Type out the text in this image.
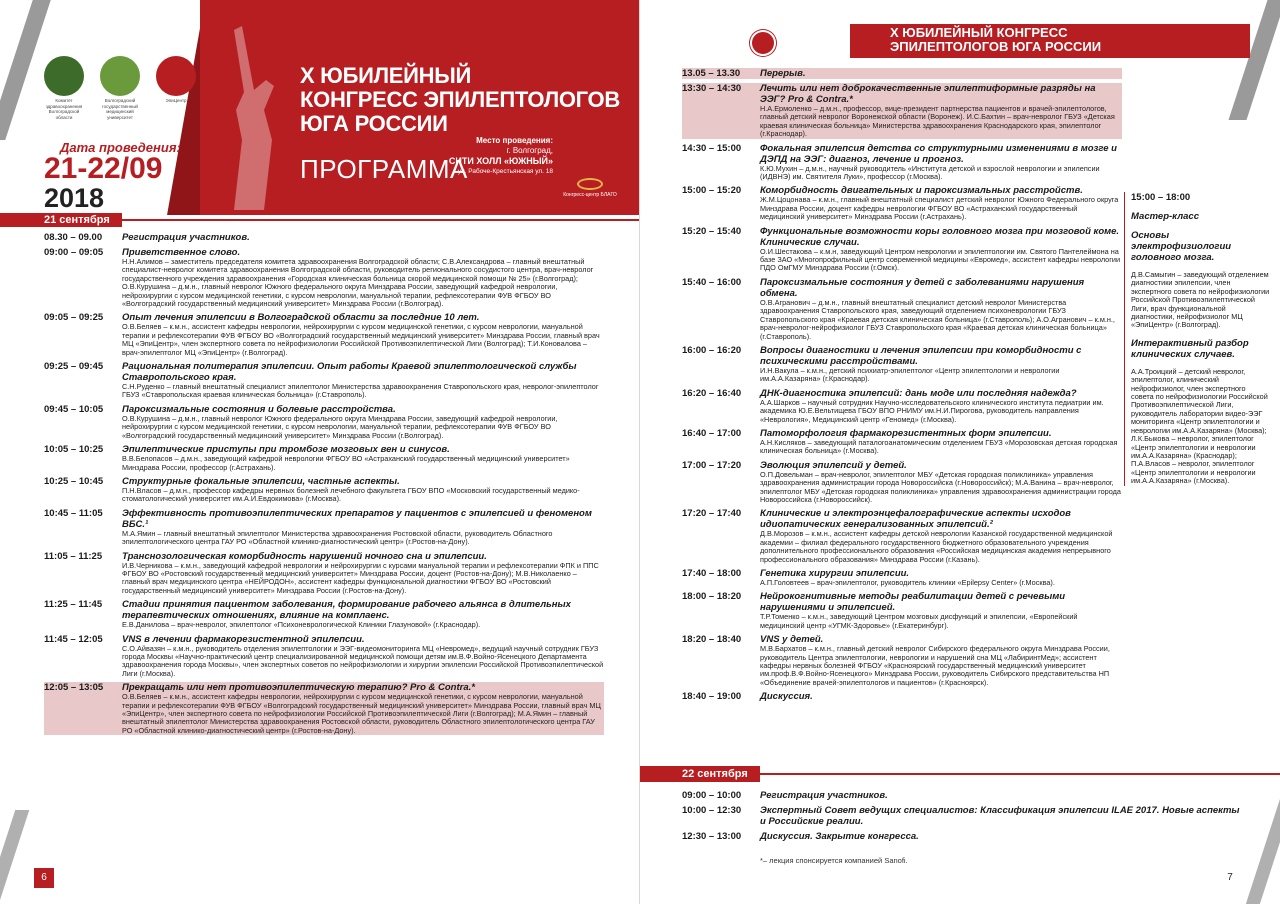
Комитет здравоохранения Волгоградской области
Волгоградский государственный медицинский университет
ЭпиЦентр
X ЮБИЛЕЙНЫЙ
КОНГРЕСС ЭПИЛЕПТОЛОГОВ
ЮГА РОССИИ
ПРОГРАММА
Место проведения:
г. Волгоград,
СИТИ ХОЛЛ «ЮЖНЫЙ»
ул. Рабоче-Крестьянская ул. 18
Конгресс-центр БЛАГО
Дата проведения:
21-22/09
2018
21 сентября
08.30 – 09.00	Регистрация участников.
09:00 – 09:05	Приветственное слово.
Н.Н.Алимов – заместитель председателя комитета здравоохранения Волгоградской области; С.В.Александрова – главный внештатный специалист-невролог комитета здравоохранения Волгоградской области, руководитель регионального сосудистого центра, врач-невролог государственного учреждения здравоохранения «Городская клиническая больница скорой медицинской помощи № 25» (г.Волгоград); О.В.Курушина – д.м.н., главный невролог Южного федерального округа Минздрава России, заведующий кафедрой неврологии, нейрохирургии с курсом медицинской генетики, с курсом неврологии, мануальной терапии, рефлексотерапии ФУВ ФГБОУ ВО «Волгоградский государственный медицинский университет» Минздрава России (г.Волгоград).
09:05 – 09:25	Опыт лечения эпилепсии в Волгоградской области за последние 10 лет.
О.В.Беляев – к.м.н., ассистент кафедры неврологии, нейрохирургии с курсом медицинской генетики, с курсом неврологии, мануальной терапии и рефлексотерапии ФУВ ФГБОУ ВО «Волгоградский государственный медицинский университет» Минздрава России, главный врач МЦ «ЭпиЦентр», член экспертного совета по нейрофизиологии Российской Противоэпилептической Лиги (Волгоград); Т.И.Коновалова – врач-эпилептолог МЦ «ЭпиЦентр» (г.Волгоград).
09:25 – 09:45	Рациональная политерапия эпилепсии. Опыт работы Краевой эпилептологической службы Ставропольского края.
С.Н.Руденко – главный внештатный специалист эпилептолог Министерства здравоохранения Ставропольского края, невролог-эпилептолог ГБУЗ «Ставропольская краевая клиническая больница» (г.Ставрополь).
09:45 – 10:05	Пароксизмальные состояния и болевые расстройства.
О.В.Курушина – д.м.н., главный невролог Южного федерального округа Минздрава России, заведующий кафедрой неврологии, нейрохирургии с курсом медицинской генетики, с курсом неврологии, мануальной терапии, рефлексотерапии ФУВ ФГБОУ ВО «Волгоградский государственный медицинский университет» Минздрава России (г.Волгоград).
10:05 – 10:25	Эпилептические приступы при тромбозе мозговых вен и синусов.
В.В.Белопасов – д.м.н., заведующий кафедрой неврологии ФГБОУ ВО «Астраханский государственный медицинский университет» Минздрава России, профессор (г.Астрахань).
10:25 – 10:45	Структурные фокальные эпилепсии, частные аспекты.
П.Н.Власов – д.м.н., профессор кафедры нервных болезней лечебного факультета ГБОУ ВПО «Московский государственный медико-стоматологический университет им.А.И.Евдокимова» (г.Москва).
10:45 – 11:05	Эффективность противоэпилептических препаратов у пациентов с эпилепсией и феноменом ВБС.¹
М.А.Ямин – главный внештатный эпилептолог Министерства здравоохранения Ростовской области, руководитель Областного эпилептологического центра ГАУ РО «Областной клинико-диагностический центр» (г.Ростов-на-Дону).
11:05 – 11:25	Транснозологическая коморбидность нарушений ночного сна и эпилепсии.
И.В.Черникова – к.м.н., заведующий кафедрой неврологии и нейрохирургии с курсами мануальной терапии и рефлексотерапии ФПК и ППС ФГБОУ ВО «Ростовский государственный медицинский университет» Минздрава России, доцент (Ростов-на-Дону); М.В.Николаенко – главный врач медицинского центра «НЕЙРОДОН», ассистент кафедры функциональной диагностики ФГБОУ ВО «Ростовский государственный медицинский университет» Минздрава России (г.Ростов-на-Дону).
11:25 – 11:45	Стадии принятия пациентом заболевания, формирование рабочего альянса в длительных терапевтических отношениях, влияние на комплаенс.
Е.В.Данилова – врач-невролог, эпилептолог «Психоневрологической Клиники Глазуновой» (г.Краснодар).
11:45 – 12:05	VNS в лечении фармакорезистентной эпилепсии.
С.О.Айвазян – к.м.н., руководитель отделения эпилептологии и ЭЭГ-видеомониторинга МЦ «Невромед», ведущий научный сотрудник ГБУЗ города Москвы «Научно-практический центр специализированной медицинской помощи детям им.В.Ф.Войно-Ясенецкого Департамента здравоохранения города Москвы», член экспертных советов по нейрофизиологии и хирургии эпилепсии Российской Противоэпилептической Лиги (г.Москва).
12:05 – 13:05	Прекращать или нет противоэпилептическую терапию? Pro & Contra.*
О.В.Беляев – к.м.н., ассистент кафедры неврологии, нейрохирургии с курсом медицинской генетики, с курсом неврологии, мануальной терапии и рефлексотерапии ФУВ ФГБОУ «Волгоградский государственный медицинский университет» Минздрава России, главный врач МЦ «ЭпиЦентр», член экспертного совета по нейрофизиологии Российской Противоэпилептической Лиги (г.Волгоград); М.А.Ямин – главный внештатный эпилептолог Министерства здравоохранения Ростовской области, руководитель Областного эпилептологического центра ГАУ РО «Областной клинико-диагностический центр» (г.Ростов-на-Дону).
6
X ЮБИЛЕЙНЫЙ КОНГРЕСС
ЭПИЛЕПТОЛОГОВ ЮГА РОССИИ
13.05 – 13.30	Перерыв.
13:30 – 14:30	Лечить или нет доброкачественные эпилептиформные разряды на ЭЭГ? Pro & Contra.*
Н.А.Ермоленко – д.м.н., профессор, вице-президент партнерства пациентов и врачей-эпилептологов, главный детский невролог Воронежской области (Воронеж). И.С.Бахтин – врач-невролог ГБУЗ «Детская краевая клиническая больница» Министерства здравоохранения Краснодарского края, эпилептолог (г.Краснодар).
14:30 – 15:00	Фокальная эпилепсия детства со структурными изменениями в мозге и ДЭПД на ЭЭГ: диагноз, лечение и прогноз.
К.Ю.Мухин – д.м.н., научный руководитель «Института детской и взрослой неврологии и эпилепсии (ИДВНЭ) им. Святителя Луки», профессор (г.Москва).
15:00 – 15:20	Коморбидность двигательных и пароксизмальных расстройств.
Ж.М.Цоцонава – к.м.н., главный внештатный специалист детский невролог Южного Федерального округа Минздрава России, доцент кафедры неврологии ФГБОУ ВО «Астраханский государственный медицинский университет» Минздрава России (г.Астрахань).
15:20 – 15:40	Функциональные возможности коры головного мозга при мозговой коме. Клинические случаи.
О.И.Шестакова – к.м.н, заведующий Центром неврологии и эпилептологии им. Святого Пантелеймона на базе ЗАО «Многопрофильный центр современной медицины «Евромед», ассистент кафедры неврологии ПДО ОмГМУ Минздрава России (г.Омск).
15:40 – 16:00	Пароксизмальные состояния у детей с заболеваниями нарушения обмена.
О.В.Агранович – д.м.н., главный внештатный специалист детский невролог Министерства здравоохранения Ставропольского края, заведующий отделением психоневрологии ГБУЗ Ставропольского края «Краевая детская клиническая больница» (г.Ставрополь); А.О.Агранович – к.м.н., врач-невролог-нейрофизиолог ГБУЗ Ставропольского края «Краевая детская клиническая больница» (г.Ставрополь).
16:00 – 16:20	Вопросы диагностики и лечения эпилепсии при коморбидности с психическими расстройствами.
И.Н.Вакула – к.м.н., детский психиатр-эпилептолог «Центр эпилептологии и неврологии им.А.А.Казаряна» (г.Краснодар).
16:20 – 16:40	ДНК-диагностика эпилепсий: дань моде или последняя надежда?
А.А.Шарков – научный сотрудник Научно-исследовательского клинического института педиатрии им. академика Ю.Е.Вельтищева ГБОУ ВПО РНИМУ им.Н.И.Пирогова, руководитель направления «Неврология», Медицинский центр «Геномед» (г.Москва).
16:40 – 17:00	Патоморфология фармакорезистентных форм эпилепсии.
А.Н.Кисляков – заведующий паталогоанатомическим отделением ГБУЗ «Морозовская детская городская клиническая больница» (г.Москва).
17:00 – 17:20	Эволюция эпилепсий у детей.
О.П.Довельман – врач-невролог, эпилептолог МБУ «Детская городская поликлиника» управления здравоохранения администрации города Новороссийска (г.Новороссийск); М.А.Ванина – врач-невролог, эпилептолог МБУ «Детская городская поликлиника» управления здравоохранения администрации города Новороссийска (г.Новороссийск).
17:20 – 17:40	Клинические и электроэнцефалографические аспекты исходов идиопатических генерализованных эпилепсий.²
Д.В.Морозов – к.м.н., ассистент кафедры детской неврологии Казанской государственной медицинской академии – филиал федерального государственного бюджетного образовательного учреждения дополнительного профессионального образования «Российская медицинская академия непрерывного профессионального образования» Минздрава России (г.Казань).
17:40 – 18:00	Генетика хирургии эпилепсии.
А.П.Головтеев – врач-эпилептолог, руководитель клиники «Epilepsy Center» (г.Москва).
18:00 – 18:20	Нейрокогнитивные методы реабилитации детей с речевыми нарушениями и эпилепсией.
Т.Р.Томенко – к.м.н., заведующий Центром мозговых дисфункций и эпилепсии, «Европейский медицинский центр «УГМК-Здоровье» (г.Екатеринбург).
18:20 – 18:40	VNS у детей.
М.В.Бархатов – к.м.н., главный детский невролог Сибирского федерального округа Минздрава России, руководитель Центра эпилептологии, неврологии и нарушений сна МЦ «ЛабиринтМед»; ассистент кафедры нервных болезней ФГБОУ «Красноярский государственный медицинский университет им.проф.В.Ф.Войно-Ясенецкого» Минздрава России, руководитель Сибирского представительства НП «Объединение врачей-эпилептологов и пациентов» (г.Красноярск).
18:40 – 19:00	Дискуссия.
15:00 – 18:00
Мастер-класс
Основы электрофизиологии головного мозга.
Д.В.Самыгин – заведующий отделением диагностики эпилепсии, член экспертного совета по нейрофизиологии Российской Противоэпилептической Лиги, врач функциональной диагностики, нейрофизиолог МЦ «ЭпиЦентр» (г.Волгоград).
Интерактивный разбор клинических случаев.
А.А.Троицкий – детский невролог, эпилептолог, клинический нейрофизиолог, член экспертного совета по нейрофизиологии Российской Противоэпилептической Лиги, руководитель лаборатории видео-ЭЭГ мониторинга «Центр эпилептологии и неврологии им.А.А.Казаряна» (Москва); Л.К.Быкова – невролог, эпилептолог «Центр эпилептологии и неврологии им.А.А.Казаряна» (Краснодар); П.А.Власов – невролог, эпилептолог «Центр эпилептологии и неврологии им.А.А.Казаряна» (г.Москва).
22 сентября
09:00 – 10:00	Регистрация участников.
10:00 – 12:30	Экспертный Совет ведущих специалистов: Классификация эпилепсии ILAE 2017. Новые аспекты и Российские реалии.
12:30 – 13:00	Дискуссия. Закрытие конгресса.
*– лекция спонсируется компанией Sanofi.
7
